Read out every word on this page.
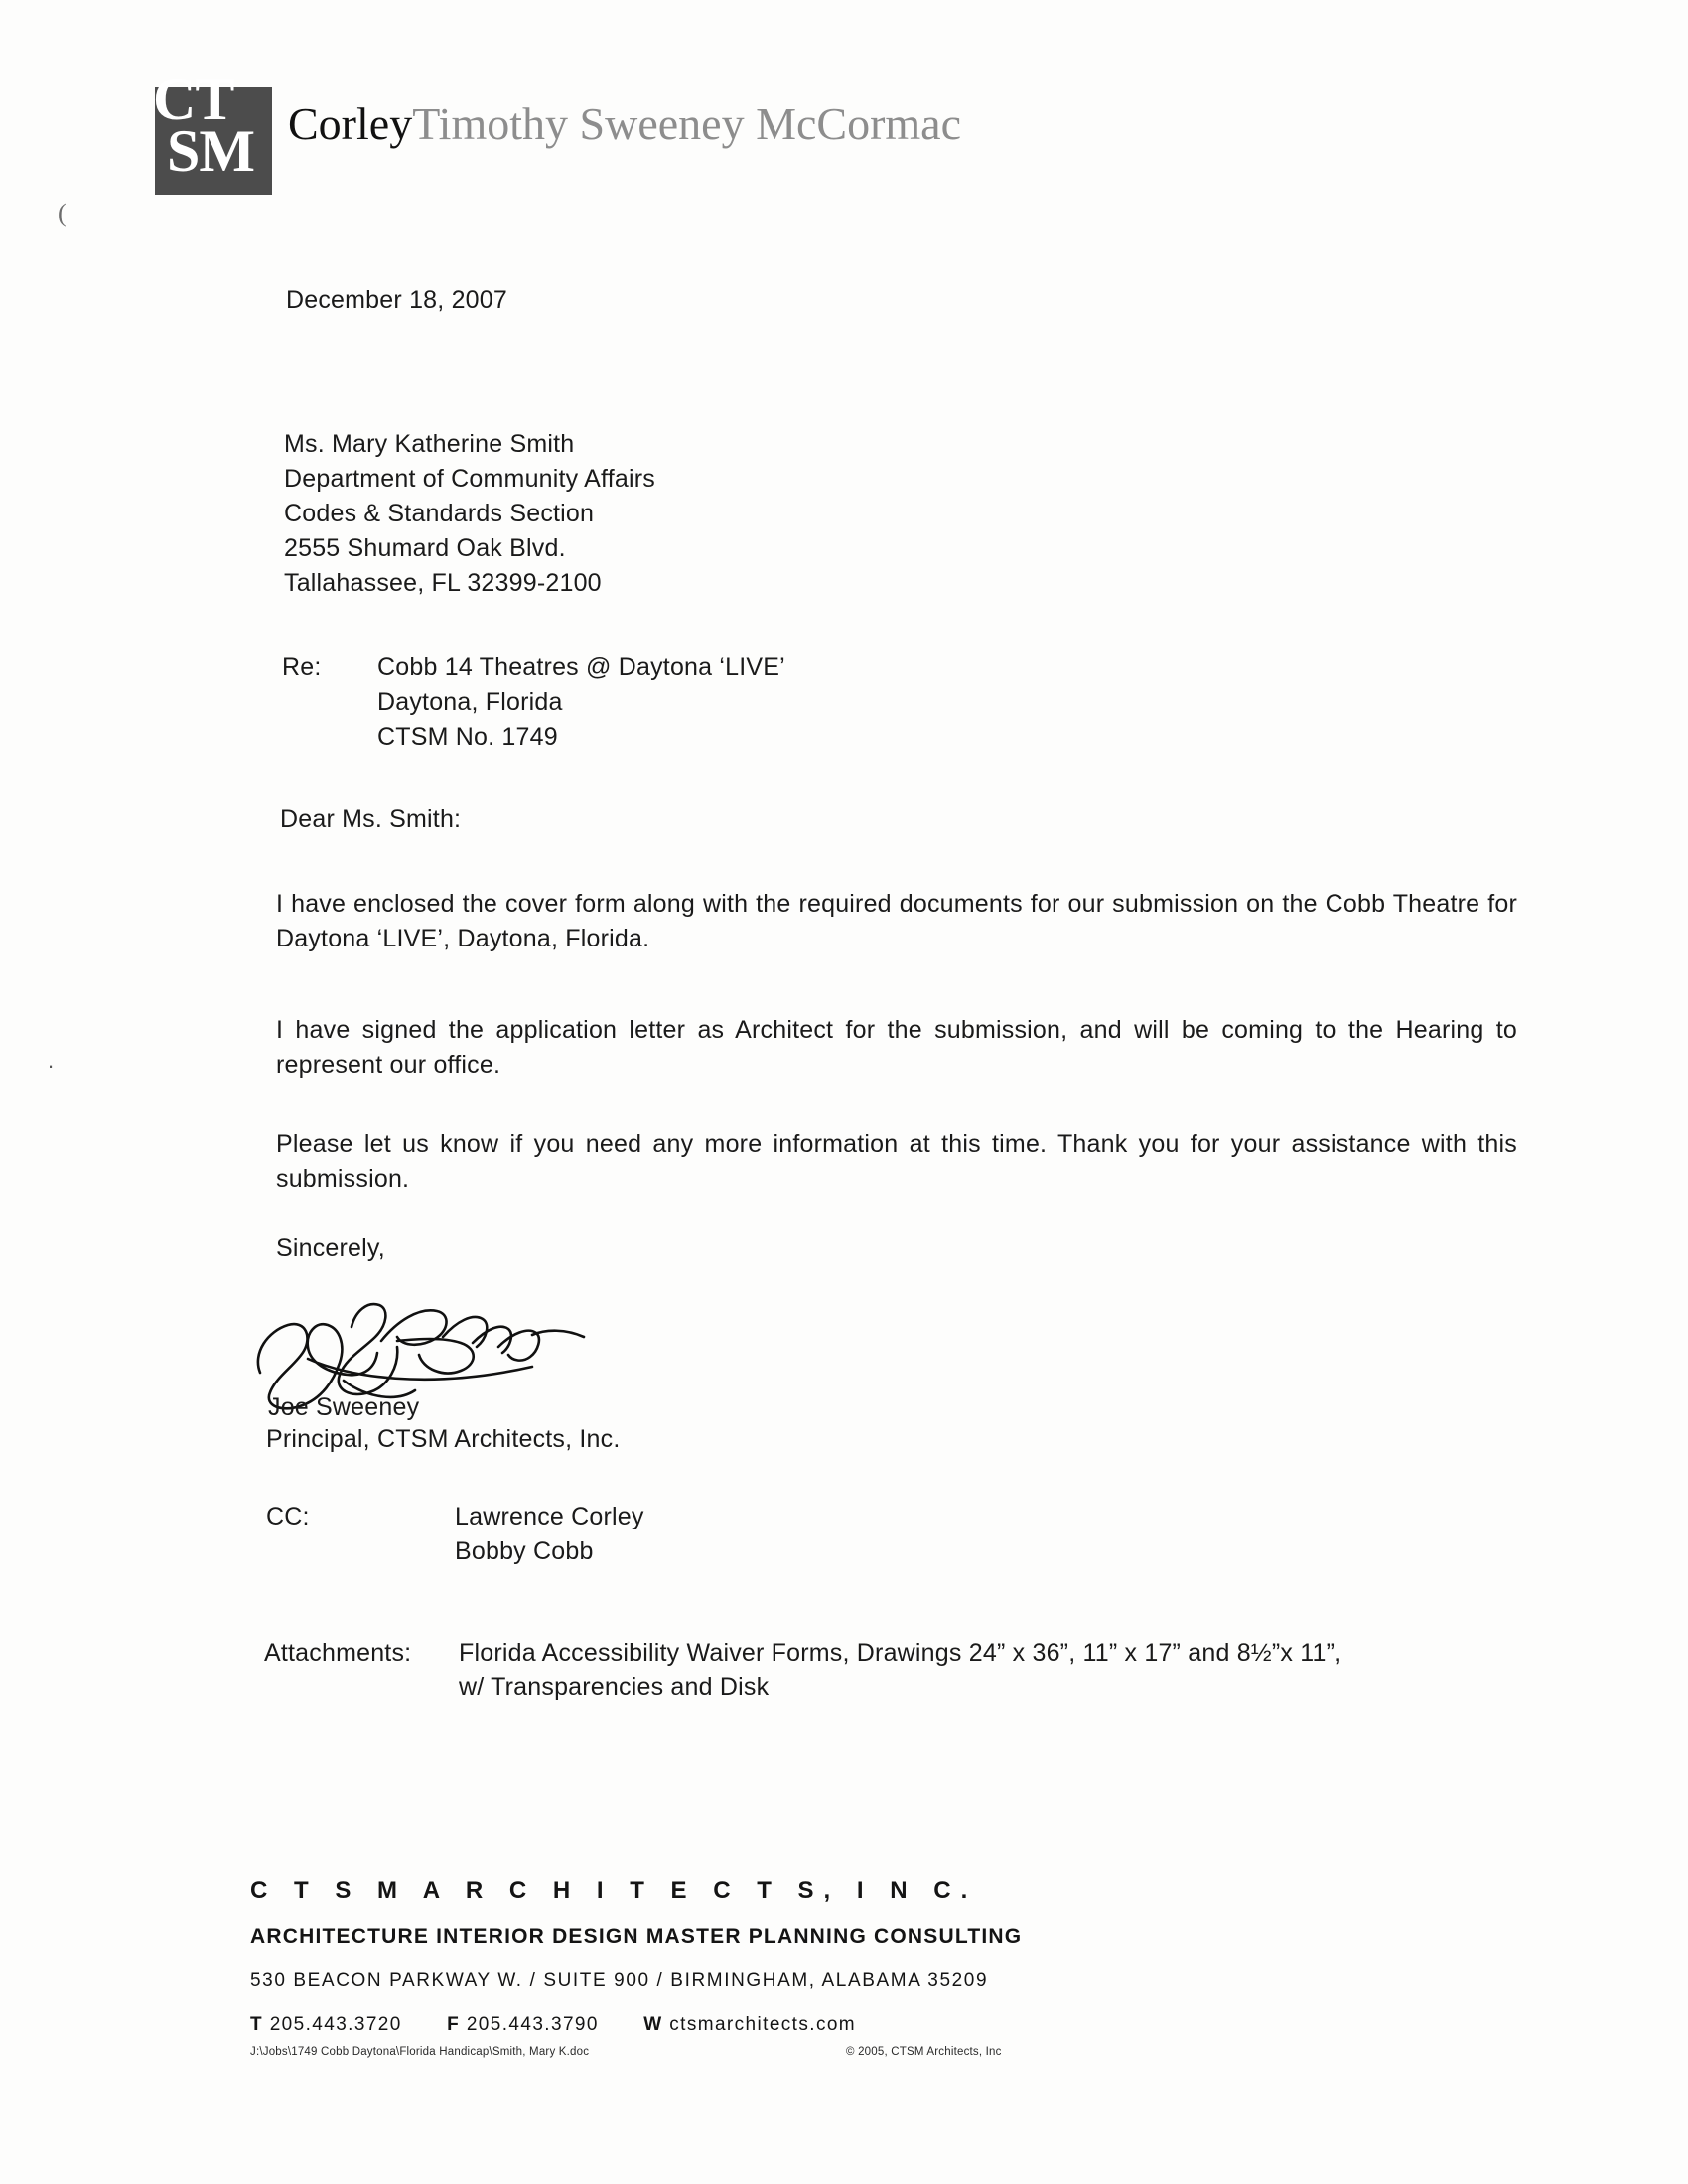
CT
SM CorleyTimothy Sweeney McCormac
(
.
December 18, 2007
Ms. Mary Katherine Smith
Department of Community Affairs
Codes & Standards Section
2555 Shumard Oak Blvd.
Tallahassee, FL 32399-2100
Re:	Cobb 14 Theatres @ Daytona ‘LIVE’
Daytona, Florida
CTSM No. 1749
Dear Ms. Smith:
I have enclosed the cover form along with the required documents for our submission on the Cobb Theatre for Daytona ‘LIVE’, Daytona, Florida.
I have signed the application letter as Architect for the submission, and will be coming to the Hearing to represent our office.
Please let us know if you need any more information at this time. Thank you for your assistance with this submission.
Sincerely,
Joe Sweeney
Principal, CTSM Architects, Inc.
CC:	Lawrence Corley
Bobby Cobb
Attachments:	Florida Accessibility Waiver Forms, Drawings 24” x 36”, 11” x 17” and 8½”x 11”,
w/ Transparencies and Disk
C T S M A R C H I T E C T S, I N C.
ARCHITECTURE INTERIOR DESIGN MASTER PLANNING CONSULTING
530 BEACON PARKWAY W. / SUITE 900 / BIRMINGHAM, ALABAMA 35209
T 205.443.3720 F 205.443.3790 W ctsmarchitects.com
J:\Jobs\1749 Cobb Daytona\Florida Handicap\Smith, Mary K.doc	© 2005, CTSM Architects, Inc
